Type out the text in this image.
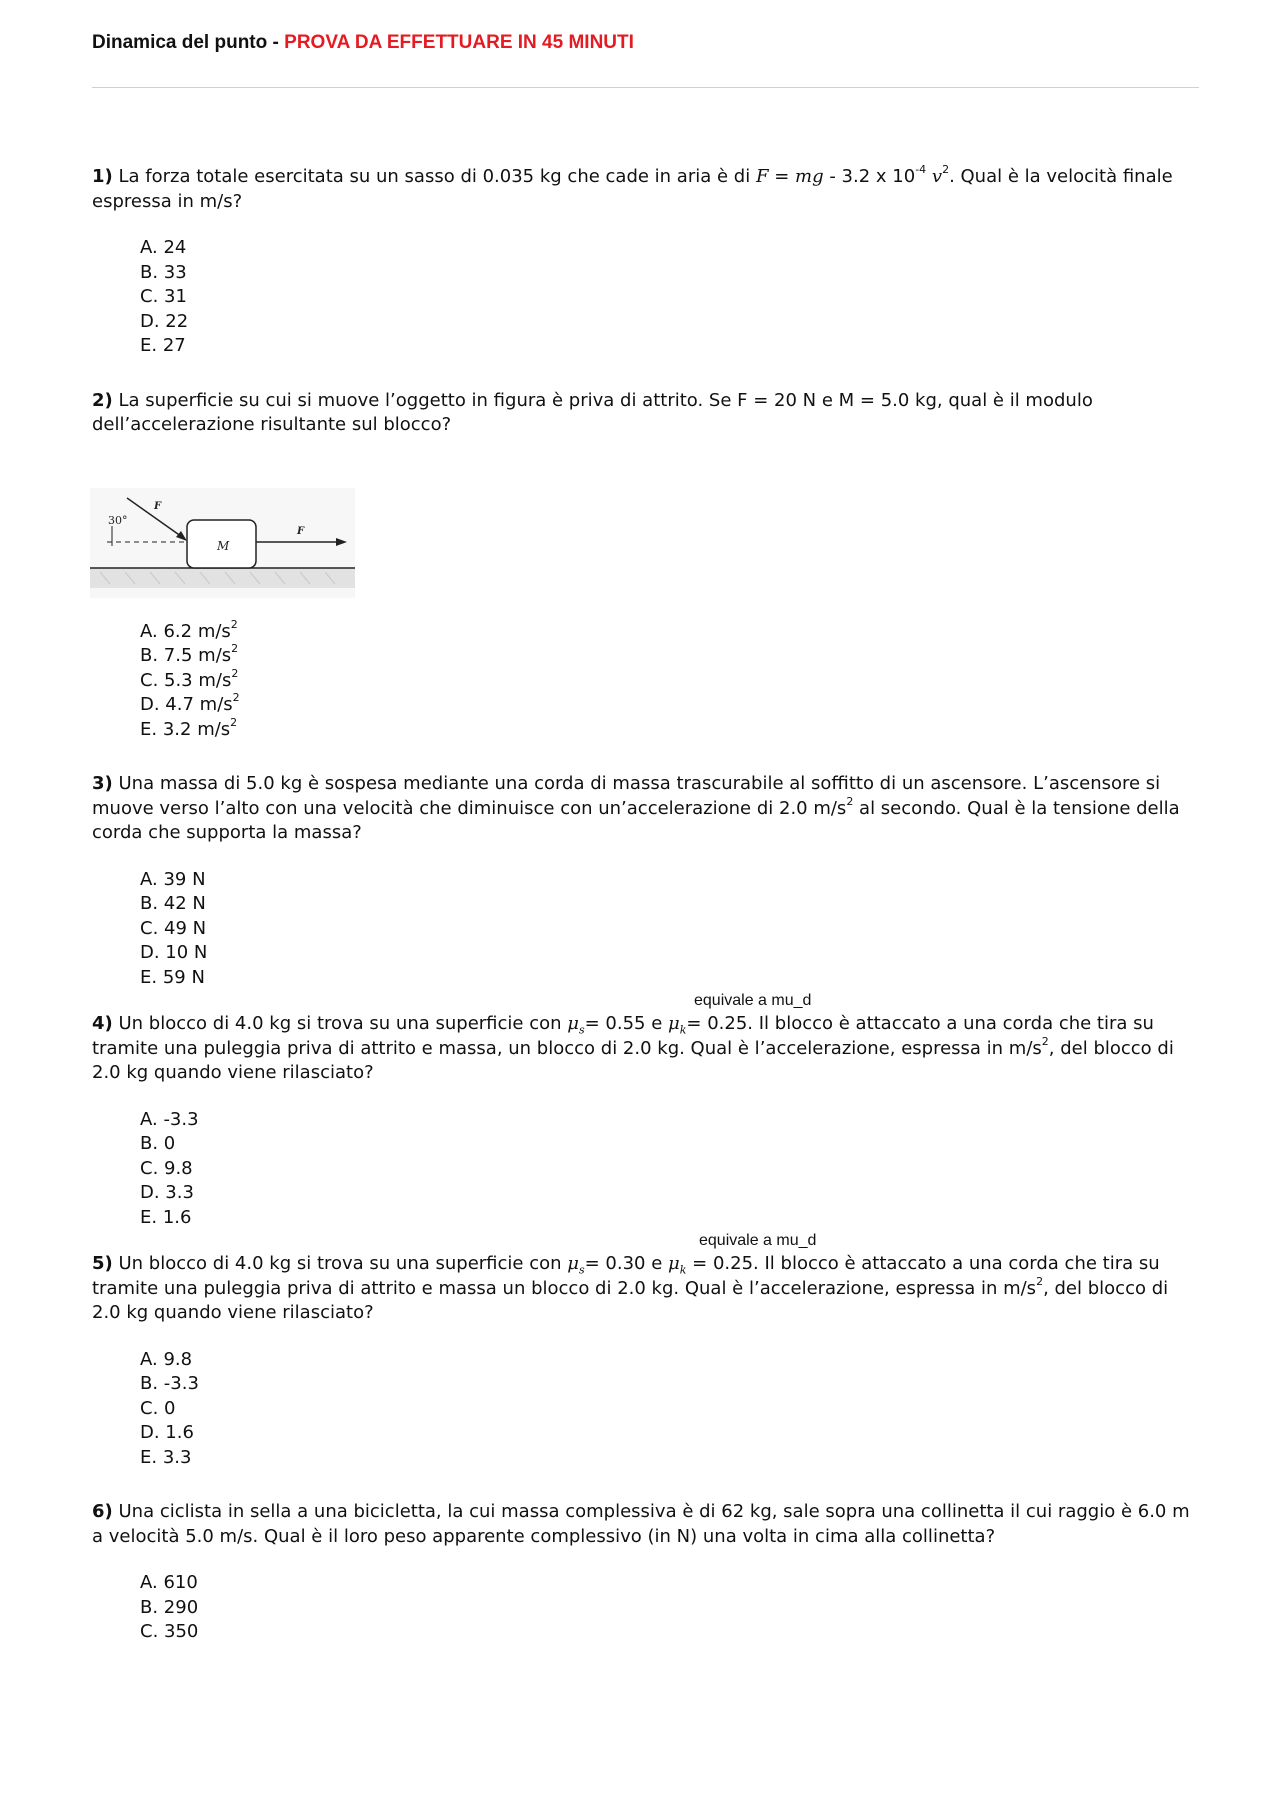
Dinamica del punto - PROVA DA EFFETTUARE IN 45 MINUTI

1) La forza totale esercitata su un sasso di 0.035 kg che cade in aria è di F = mg - 3.2 x $10^{-4}$ $v^2$. Qual è la velocità finale espressa in m/s?

A. 24
B. 33
C. 31
D. 22
E. 27

2) La superficie su cui si muove l’oggetto in figura è priva di attrito. Se F = 20 N e M = 5.0 kg, qual è il modulo dell’accelerazione risultante sul blocco?

M
F
30°
F
A. 6.2 $m/s^2$
B. 7.5 $m/s^2$
C. 5.3 $m/s^2$
D. 4.7 $m/s^2$
E. 3.2 $m/s^2$

3) Una massa di 5.0 kg è sospesa mediante una corda di massa trascurabile al soffitto di un ascensore. L’ascensore si muove verso l’alto con una velocità che diminuisce con un’accelerazione di 2.0 $m/s^2$ al secondo. Qual è la tensione della corda che supporta la massa?

A. 39 N
B. 42 N
C. 49 N
D. 10 N
E. 59 N
equivale a mu_d

4) Un blocco di 4.0 kg si trova su una superficie con $\mu_s= 0.55$ e $\mu_k= 0.25$. Il blocco è attaccato a una corda che tira su tramite una puleggia priva di attrito e massa, un blocco di 2.0 kg. Qual è l’accelerazione, espressa in $m/s^2$, del blocco di 2.0 kg quando viene rilasciato?

A. -3.3
B. 0
C. 9.8
D. 3.3
E. 1.6
equivale a mu_d

5) Un blocco di 4.0 kg si trova su una superficie con $\mu_s= 0.30$ e $\mu_k = 0.25$. Il blocco è attaccato a una corda che tira su tramite una puleggia priva di attrito e massa un blocco di 2.0 kg. Qual è l’accelerazione, espressa in $m/s^2$, del blocco di 2.0 kg quando viene rilasciato?

A. 9.8
B. -3.3
C. 0
D. 1.6
E. 3.3

6) Una ciclista in sella a una bicicletta, la cui massa complessiva è di 62 kg, sale sopra una collinetta il cui raggio è 6.0 m a velocità 5.0 m/s. Qual è il loro peso apparente complessivo (in N) una volta in cima alla collinetta?

A. 610
B. 290
C. 350
